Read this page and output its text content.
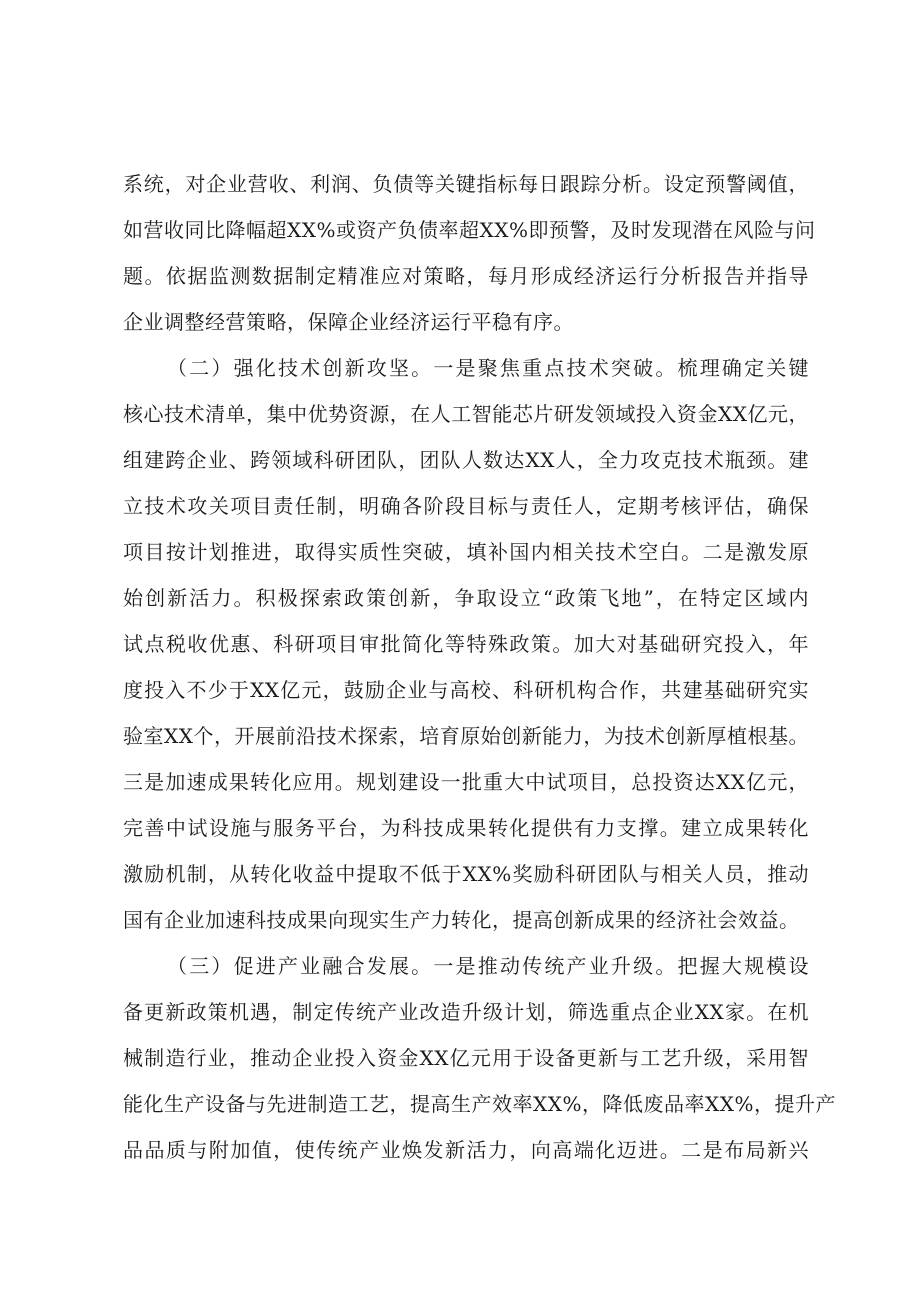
系统，对企业营收、利润、负债等关键指标每日跟踪分析。设定预警阈值，
如营收同比降幅超XX%或资产负债率超XX%即预警，及时发现潜在风险与问
题。依据监测数据制定精准应对策略，每月形成经济运行分析报告并指导
企业调整经营策略，保障企业经济运行平稳有序。
（二）强化技术创新攻坚。一是聚焦重点技术突破。梳理确定关键
核心技术清单，集中优势资源，在人工智能芯片研发领域投入资金XX亿元，
组建跨企业、跨领域科研团队，团队人数达XX人，全力攻克技术瓶颈。建
立技术攻关项目责任制，明确各阶段目标与责任人，定期考核评估，确保
项目按计划推进，取得实质性突破，填补国内相关技术空白。二是激发原
始创新活力。积极探索政策创新，争取设立“政策飞地”，在特定区域内
试点税收优惠、科研项目审批简化等特殊政策。加大对基础研究投入，年
度投入不少于XX亿元，鼓励企业与高校、科研机构合作，共建基础研究实
验室XX个，开展前沿技术探索，培育原始创新能力，为技术创新厚植根基。
三是加速成果转化应用。规划建设一批重大中试项目，总投资达XX亿元，
完善中试设施与服务平台，为科技成果转化提供有力支撑。建立成果转化
激励机制，从转化收益中提取不低于XX%奖励科研团队与相关人员，推动
国有企业加速科技成果向现实生产力转化，提高创新成果的经济社会效益。
（三）促进产业融合发展。一是推动传统产业升级。把握大规模设
备更新政策机遇，制定传统产业改造升级计划，筛选重点企业XX家。在机
械制造行业，推动企业投入资金XX亿元用于设备更新与工艺升级，采用智
能化生产设备与先进制造工艺，提高生产效率XX%，降低废品率XX%，提升产
品品质与附加值，使传统产业焕发新活力，向高端化迈进。二是布局新兴
